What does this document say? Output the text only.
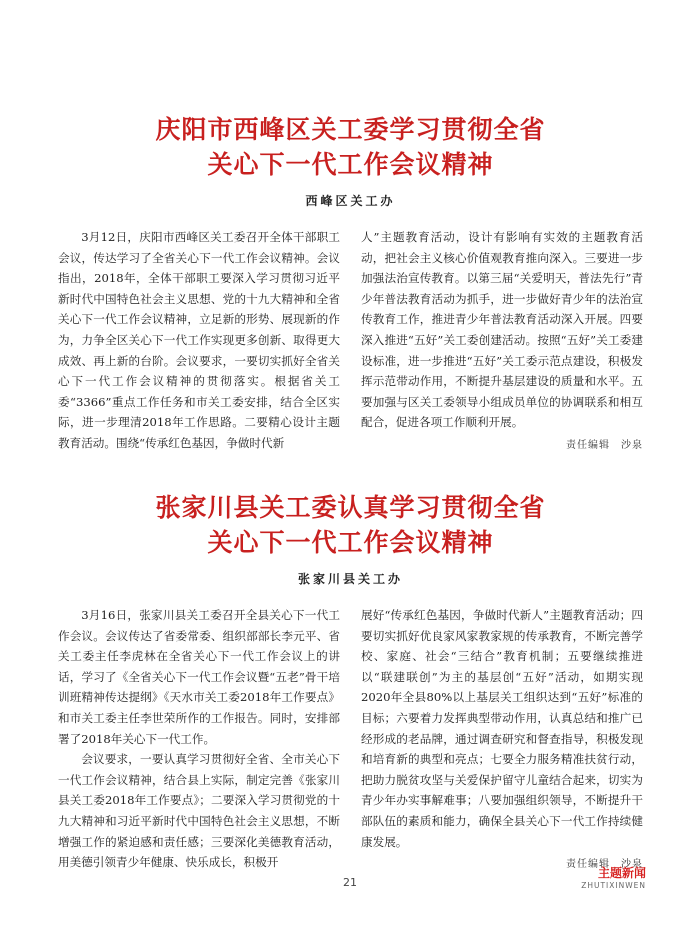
庆阳市西峰区关工委学习贯彻全省
关心下一代工作会议精神
西峰区关工办

3月12日，庆阳市西峰区关工委召开全体干部职工会议，传达学习了全省关心下一代工作会议精神。会议指出，2018年，全体干部职工要深入学习贯彻习近平新时代中国特色社会主义思想、党的十九大精神和全省关心下一代工作会议精神，立足新的形势、展现新的作为，力争全区关心下一代工作实现更多创新、取得更大成效、再上新的台阶。会议要求，一要切实抓好全省关心下一代工作会议精神的贯彻落实。根据省关工委“3366”重点工作任务和市关工委安排，结合全区实际，进一步理清2018年工作思路。二要精心设计主题教育活动。围绕“传承红色基因，争做时代新

人”主题教育活动，设计有影响有实效的主题教育活动，把社会主义核心价值观教育推向深入。三要进一步加强法治宣传教育。以第三届“关爱明天，普法先行”青少年普法教育活动为抓手，进一步做好青少年的法治宣传教育工作，推进青少年普法教育活动深入开展。四要深入推进“五好”关工委创建活动。按照“五好”关工委建设标准，进一步推进“五好”关工委示范点建设，积极发挥示范带动作用，不断提升基层建设的质量和水平。五要加强与区关工委领导小组成员单位的协调联系和相互配合，促进各项工作顺利开展。

责任编辑　沙泉
张家川县关工委认真学习贯彻全省
关心下一代工作会议精神
张家川县关工办

3月16日，张家川县关工委召开全县关心下一代工作会议。会议传达了省委常委、组织部部长李元平、省关工委主任李虎林在全省关心下一代工作会议上的讲话，学习了《全省关心下一代工作会议暨“五老”骨干培训班精神传达提纲》《天水市关工委2018年工作要点》和市关工委主任李世荣所作的工作报告。同时，安排部署了2018年关心下一代工作。

会议要求，一要认真学习贯彻好全省、全市关心下一代工作会议精神，结合县上实际，制定完善《张家川县关工委2018年工作要点》；二要深入学习贯彻党的十九大精神和习近平新时代中国特色社会主义思想，不断增强工作的紧迫感和责任感；三要深化美德教育活动，用美德引领青少年健康、快乐成长，积极开

展好“传承红色基因，争做时代新人”主题教育活动；四要切实抓好优良家风家教家规的传承教育，不断完善学校、家庭、社会“三结合”教育机制；五要继续推进以“联建联创”为主的基层创“五好”活动，如期实现2020年全县80%以上基层关工组织达到“五好”标准的目标；六要着力发挥典型带动作用，认真总结和推广已经形成的老品牌，通过调查研究和督查指导，积极发现和培育新的典型和亮点；七要全力服务精准扶贫行动，把助力脱贫攻坚与关爱保护留守儿童结合起来，切实为青少年办实事解难事；八要加强组织领导，不断提升干部队伍的素质和能力，确保全县关心下一代工作持续健康发展。

责任编辑　沙泉
21
主题新闻
ZHUTIXINWEN
